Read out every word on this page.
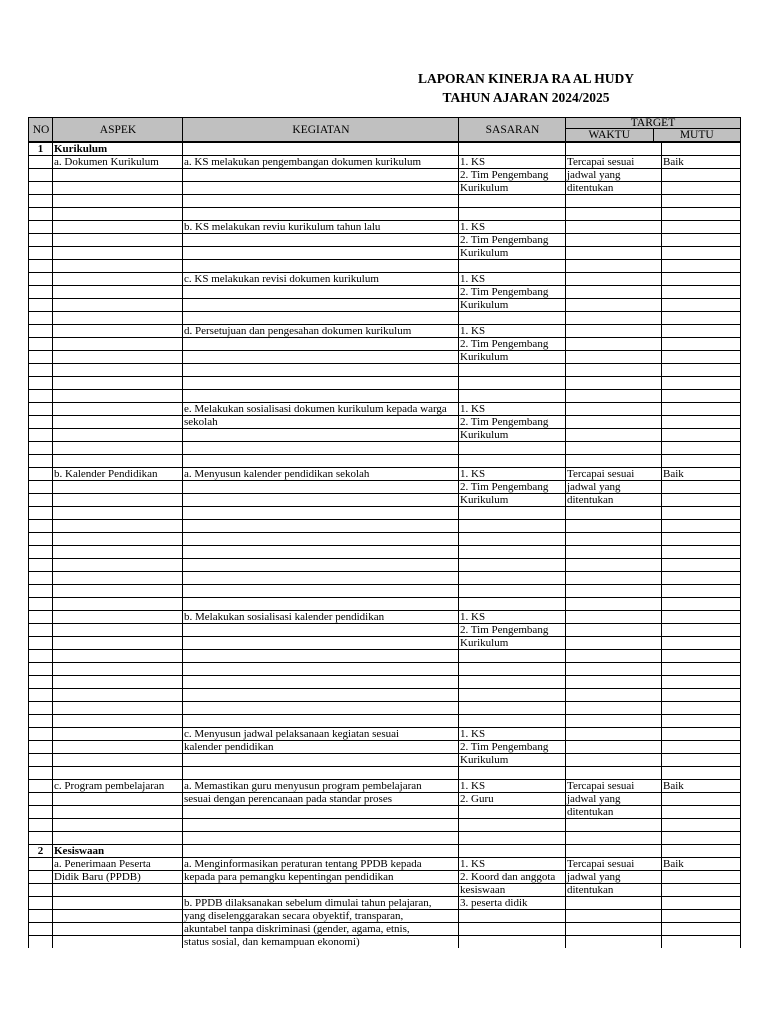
LAPORAN KINERJA RA AL HUDY
TAHUN AJARAN 2024/2025
NO	ASPEK	KEGIATAN	SASARAN	TARGET
WAKTU MUTU	

1	Kurikulum				
	a. Dokumen Kurikulum	a. KS melakukan pengembangan dokumen kurikulum	1. KS	Tercapai sesuai	Baik
			2. Tim Pengembang	jadwal yang	
			Kurikulum	ditentukan	

		b. KS melakukan reviu kurikulum tahun lalu	1. KS		
			2. Tim Pengembang		
			Kurikulum		

		c. KS melakukan revisi dokumen kurikulum	1. KS		
			2. Tim Pengembang		
			Kurikulum		

		d. Persetujuan dan pengesahan dokumen kurikulum	1. KS		
			2. Tim Pengembang		
			Kurikulum		

		e. Melakukan sosialisasi dokumen kurikulum kepada warga	1. KS		
		sekolah	2. Tim Pengembang		
			Kurikulum		

	b. Kalender Pendidikan	a. Menyusun kalender pendidikan sekolah	1. KS	Tercapai sesuai	Baik
			2. Tim Pengembang	jadwal yang	
			Kurikulum	ditentukan	

		b. Melakukan sosialisasi kalender pendidikan	1. KS		
			2. Tim Pengembang		
			Kurikulum		

		c. Menyusun jadwal pelaksanaan kegiatan sesuai	1. KS		
		kalender pendidikan	2. Tim Pengembang		
			Kurikulum		

	c. Program pembelajaran	a. Memastikan guru menyusun program pembelajaran	1. KS	Tercapai sesuai	Baik
		sesuai dengan perencanaan pada standar proses	2. Guru	jadwal yang	
				ditentukan	

2	Kesiswaan				
	a. Penerimaan Peserta	a. Menginformasikan peraturan tentang PPDB kepada	1. KS	Tercapai sesuai	Baik
	Didik Baru (PPDB)	kepada para pemangku kepentingan pendidikan	2. Koord dan anggota	jadwal yang	
			kesiswaan	ditentukan	
		b. PPDB dilaksanakan sebelum dimulai tahun pelajaran,	3. peserta didik		
		yang diselenggarakan secara obyektif, transparan,			
		akuntabel tanpa diskriminasi (gender, agama, etnis,			
		status sosial, dan kemampuan ekonomi)			
